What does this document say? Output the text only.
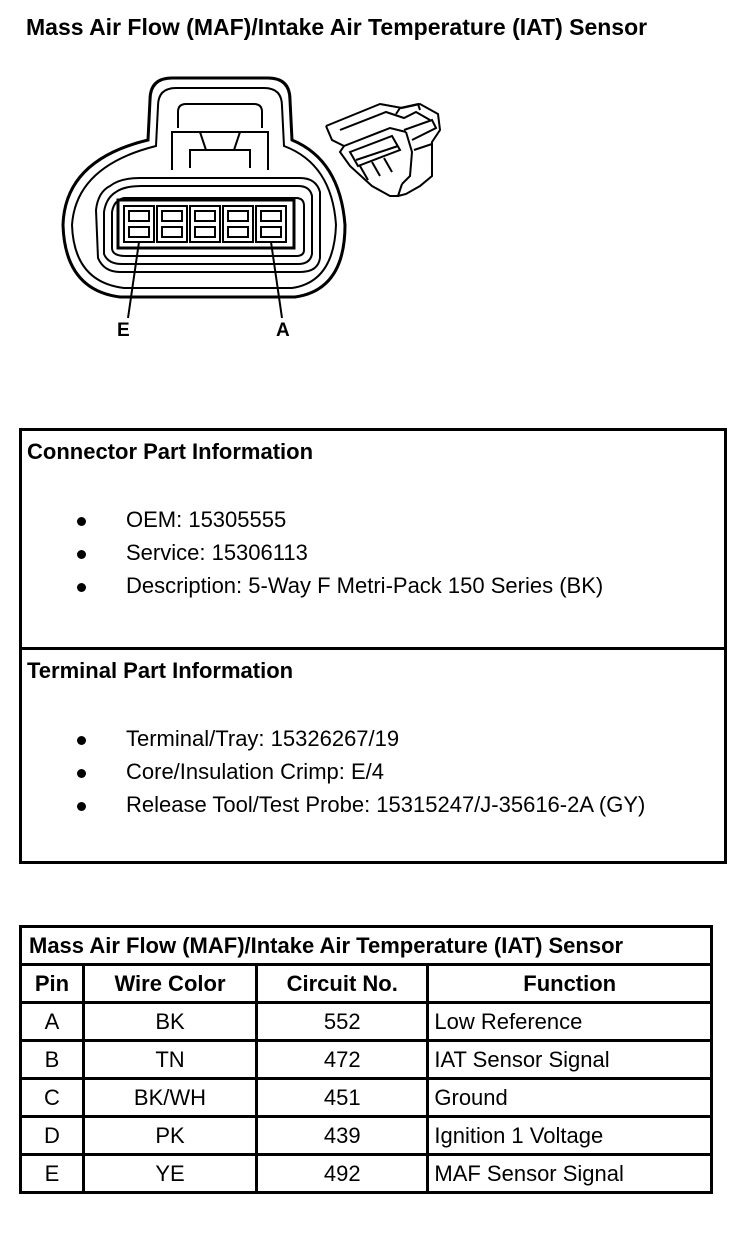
Mass Air Flow (MAF)/Intake Air Temperature (IAT) Sensor
E	A
Connector Part Information
OEM: 15305555
Service: 15306113
Description: 5-Way F Metri-Pack 150 Series (BK)
Terminal Part Information
Terminal/Tray: 15326267/19
Core/Insulation Crimp: E/4
Release Tool/Test Probe: 15315247/J-35616-2A (GY)
Mass Air Flow (MAF)/Intake Air Temperature (IAT) Sensor			
Pin	Wire Color	Circuit No.	Function
A	BK	552	Low Reference
B	TN	472	IAT Sensor Signal
C	BK/WH	451	Ground
D	PK	439	Ignition 1 Voltage
E	YE	492	MAF Sensor Signal
